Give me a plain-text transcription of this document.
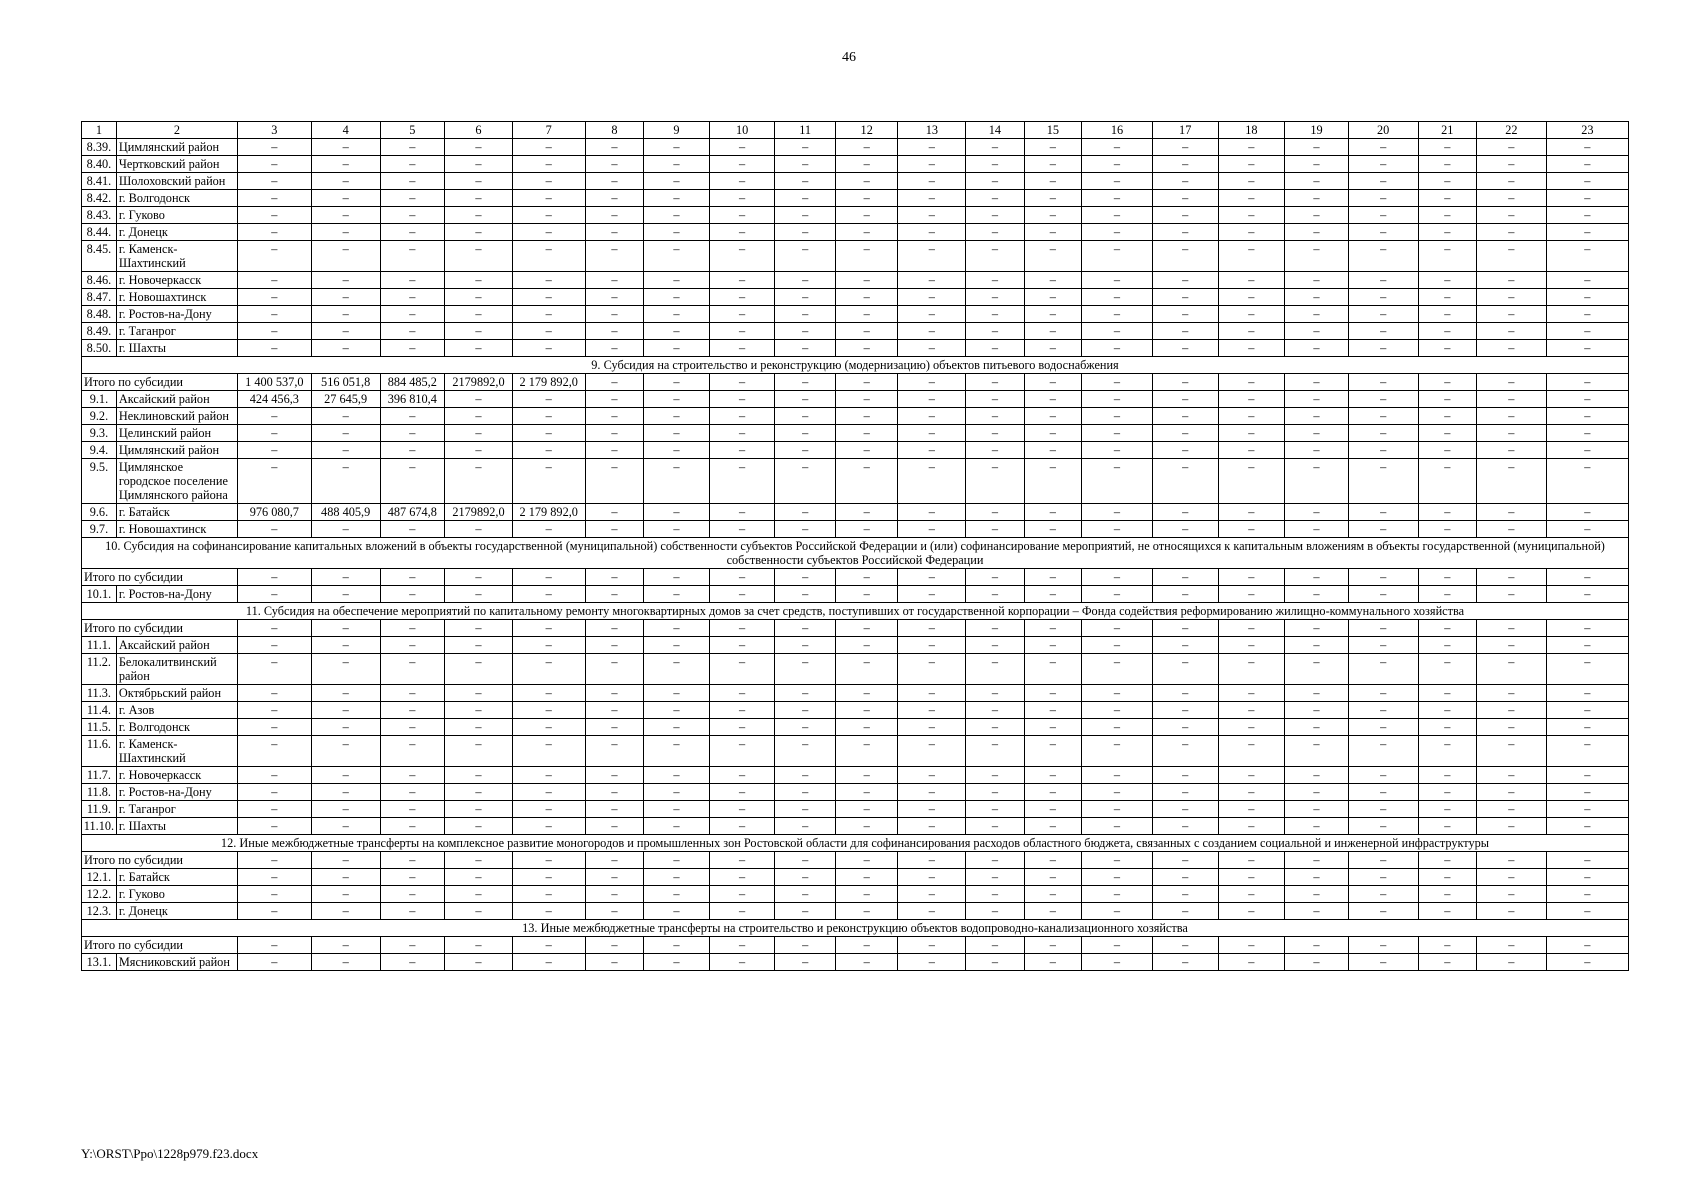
46
1	2	3	4	5	6	7	8	9	10	11	12	13	14	15	16	17	18	19	20	21	22	23
8.39.	Цимлянский район	–	–	–	–	–	–	–	–	–	–	–	–	–	–	–	–	–	–	–	–	–
8.40.	Чертковский район	–	–	–	–	–	–	–	–	–	–	–	–	–	–	–	–	–	–	–	–	–
8.41.	Шолоховский район	–	–	–	–	–	–	–	–	–	–	–	–	–	–	–	–	–	–	–	–	–
8.42.	г. Волгодонск	–	–	–	–	–	–	–	–	–	–	–	–	–	–	–	–	–	–	–	–	–
8.43.	г. Гуково	–	–	–	–	–	–	–	–	–	–	–	–	–	–	–	–	–	–	–	–	–
8.44.	г. Донецк	–	–	–	–	–	–	–	–	–	–	–	–	–	–	–	–	–	–	–	–	–
8.45.	г. Каменск-Шахтинский	–	–	–	–	–	–	–	–	–	–	–	–	–	–	–	–	–	–	–	–	–
8.46.	г. Новочеркасск	–	–	–	–	–	–	–	–	–	–	–	–	–	–	–	–	–	–	–	–	–
8.47.	г. Новошахтинск	–	–	–	–	–	–	–	–	–	–	–	–	–	–	–	–	–	–	–	–	–
8.48.	г. Ростов-на-Дону	–	–	–	–	–	–	–	–	–	–	–	–	–	–	–	–	–	–	–	–	–
8.49.	г. Таганрог	–	–	–	–	–	–	–	–	–	–	–	–	–	–	–	–	–	–	–	–	–
8.50.	г. Шахты	–	–	–	–	–	–	–	–	–	–	–	–	–	–	–	–	–	–	–	–	–
9. Субсидия на строительство и реконструкцию (модернизацию) объектов питьевого водоснабжения																						
Итого по субсидии		1 400 537,0	516 051,8	884 485,2	2179892,0	2 179 892,0	–	–	–	–	–	–	–	–	–	–	–	–	–	–	–	–
9.1.	Аксайский район	424 456,3	27 645,9	396 810,4	–	–	–	–	–	–	–	–	–	–	–	–	–	–	–	–	–	–
9.2.	Неклиновский район	–	–	–	–	–	–	–	–	–	–	–	–	–	–	–	–	–	–	–	–	–
9.3.	Целинский район	–	–	–	–	–	–	–	–	–	–	–	–	–	–	–	–	–	–	–	–	–
9.4.	Цимлянский район	–	–	–	–	–	–	–	–	–	–	–	–	–	–	–	–	–	–	–	–	–
9.5.	Цимлянское городское поселение Цимлянского района	–	–	–	–	–	–	–	–	–	–	–	–	–	–	–	–	–	–	–	–	–
9.6.	г. Батайск	976 080,7	488 405,9	487 674,8	2179892,0	2 179 892,0	–	–	–	–	–	–	–	–	–	–	–	–	–	–	–	–
9.7.	г. Новошахтинск	–	–	–	–	–	–	–	–	–	–	–	–	–	–	–	–	–	–	–	–	–
10. Субсидия на софинансирование капитальных вложений в объекты государственной (муниципальной) собственности субъектов Российской Федерации и (или) софинансирование мероприятий, не относящихся к капитальным вложениям в объекты государственной (муниципальной) собственности субъектов Российской Федерации																						
Итого по субсидии		–	–	–	–	–	–	–	–	–	–	–	–	–	–	–	–	–	–	–	–	–
10.1.	г. Ростов-на-Дону	–	–	–	–	–	–	–	–	–	–	–	–	–	–	–	–	–	–	–	–	–
11. Субсидия на обеспечение мероприятий по капитальному ремонту многоквартирных домов за счет средств, поступивших от государственной корпорации – Фонда содействия реформированию жилищно-коммунального хозяйства																						
Итого по субсидии		–	–	–	–	–	–	–	–	–	–	–	–	–	–	–	–	–	–	–	–	–
11.1.	Аксайский район	–	–	–	–	–	–	–	–	–	–	–	–	–	–	–	–	–	–	–	–	–
11.2.	Белокалитвинский район	–	–	–	–	–	–	–	–	–	–	–	–	–	–	–	–	–	–	–	–	–
11.3.	Октябрьский район	–	–	–	–	–	–	–	–	–	–	–	–	–	–	–	–	–	–	–	–	–
11.4.	г. Азов	–	–	–	–	–	–	–	–	–	–	–	–	–	–	–	–	–	–	–	–	–
11.5.	г. Волгодонск	–	–	–	–	–	–	–	–	–	–	–	–	–	–	–	–	–	–	–	–	–
11.6.	г. Каменск-Шахтинский	–	–	–	–	–	–	–	–	–	–	–	–	–	–	–	–	–	–	–	–	–
11.7.	г. Новочеркасск	–	–	–	–	–	–	–	–	–	–	–	–	–	–	–	–	–	–	–	–	–
11.8.	г. Ростов-на-Дону	–	–	–	–	–	–	–	–	–	–	–	–	–	–	–	–	–	–	–	–	–
11.9.	г. Таганрог	–	–	–	–	–	–	–	–	–	–	–	–	–	–	–	–	–	–	–	–	–
11.10.	г. Шахты	–	–	–	–	–	–	–	–	–	–	–	–	–	–	–	–	–	–	–	–	–
12. Иные межбюджетные трансферты на комплексное развитие моногородов и промышленных зон Ростовской области для софинансирования расходов областного бюджета, связанных с созданием социальной и инженерной инфраструктуры																						
Итого по субсидии		–	–	–	–	–	–	–	–	–	–	–	–	–	–	–	–	–	–	–	–	–
12.1.	г. Батайск	–	–	–	–	–	–	–	–	–	–	–	–	–	–	–	–	–	–	–	–	–
12.2.	г. Гуково	–	–	–	–	–	–	–	–	–	–	–	–	–	–	–	–	–	–	–	–	–
12.3.	г. Донецк	–	–	–	–	–	–	–	–	–	–	–	–	–	–	–	–	–	–	–	–	–
13. Иные межбюджетные трансферты на строительство и реконструкцию объектов водопроводно-канализационного хозяйства																						
Итого по субсидии		–	–	–	–	–	–	–	–	–	–	–	–	–	–	–	–	–	–	–	–	–
13.1.	Мясниковский район	–	–	–	–	–	–	–	–	–	–	–	–	–	–	–	–	–	–	–	–	–
Y:\ORST\Ppo\1228p979.f23.docx
